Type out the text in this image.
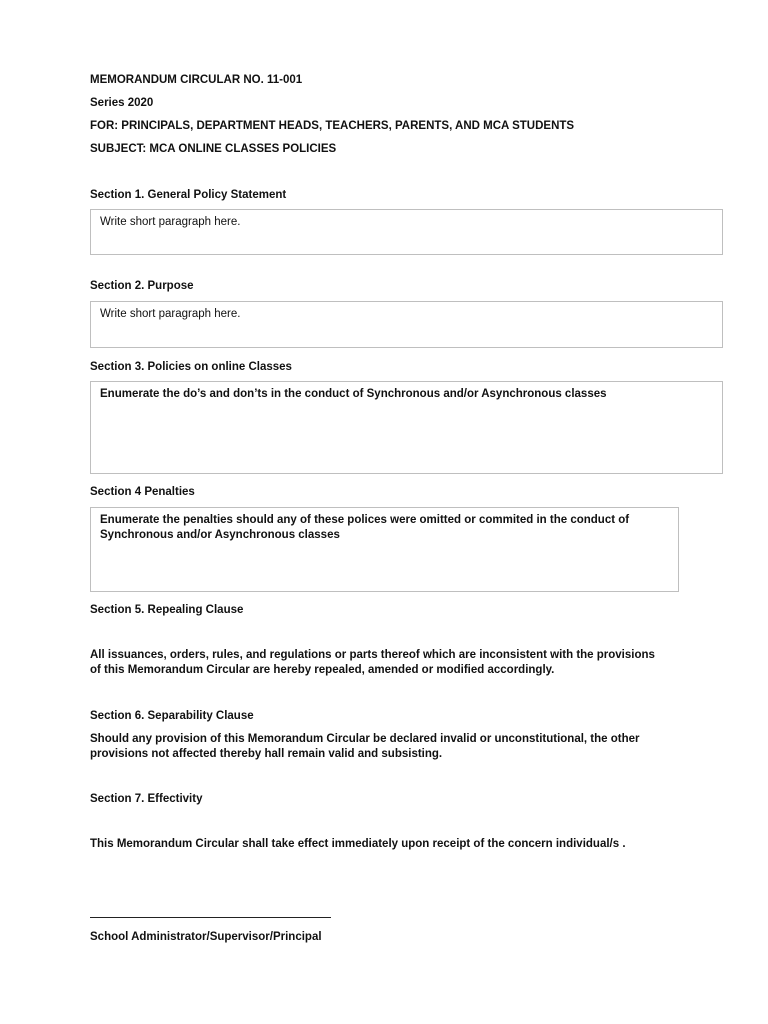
MEMORANDUM CIRCULAR NO. 11-001
Series 2020
FOR: PRINCIPALS, DEPARTMENT HEADS, TEACHERS, PARENTS, AND MCA STUDENTS
SUBJECT: MCA ONLINE CLASSES POLICIES
Section 1. General Policy Statement
Write short paragraph here.
Section 2. Purpose
Write short paragraph here.
Section 3. Policies on online Classes
Enumerate the do’s and don’ts in the conduct of Synchronous and/or Asynchronous classes
Section 4 Penalties
Enumerate the penalties should any of these polices were omitted or commited in the conduct of
Synchronous and/or Asynchronous classes
Section 5. Repealing Clause
All issuances, orders, rules, and regulations or parts thereof which are inconsistent with the provisions
of this Memorandum Circular are hereby repealed, amended or modified accordingly.
Section 6. Separability Clause
Should any provision of this Memorandum Circular be declared invalid or unconstitutional, the other
provisions not affected thereby hall remain valid and subsisting.
Section 7. Effectivity
This Memorandum Circular shall take effect immediately upon receipt of the concern individual/s .
School Administrator/Supervisor/Principal
